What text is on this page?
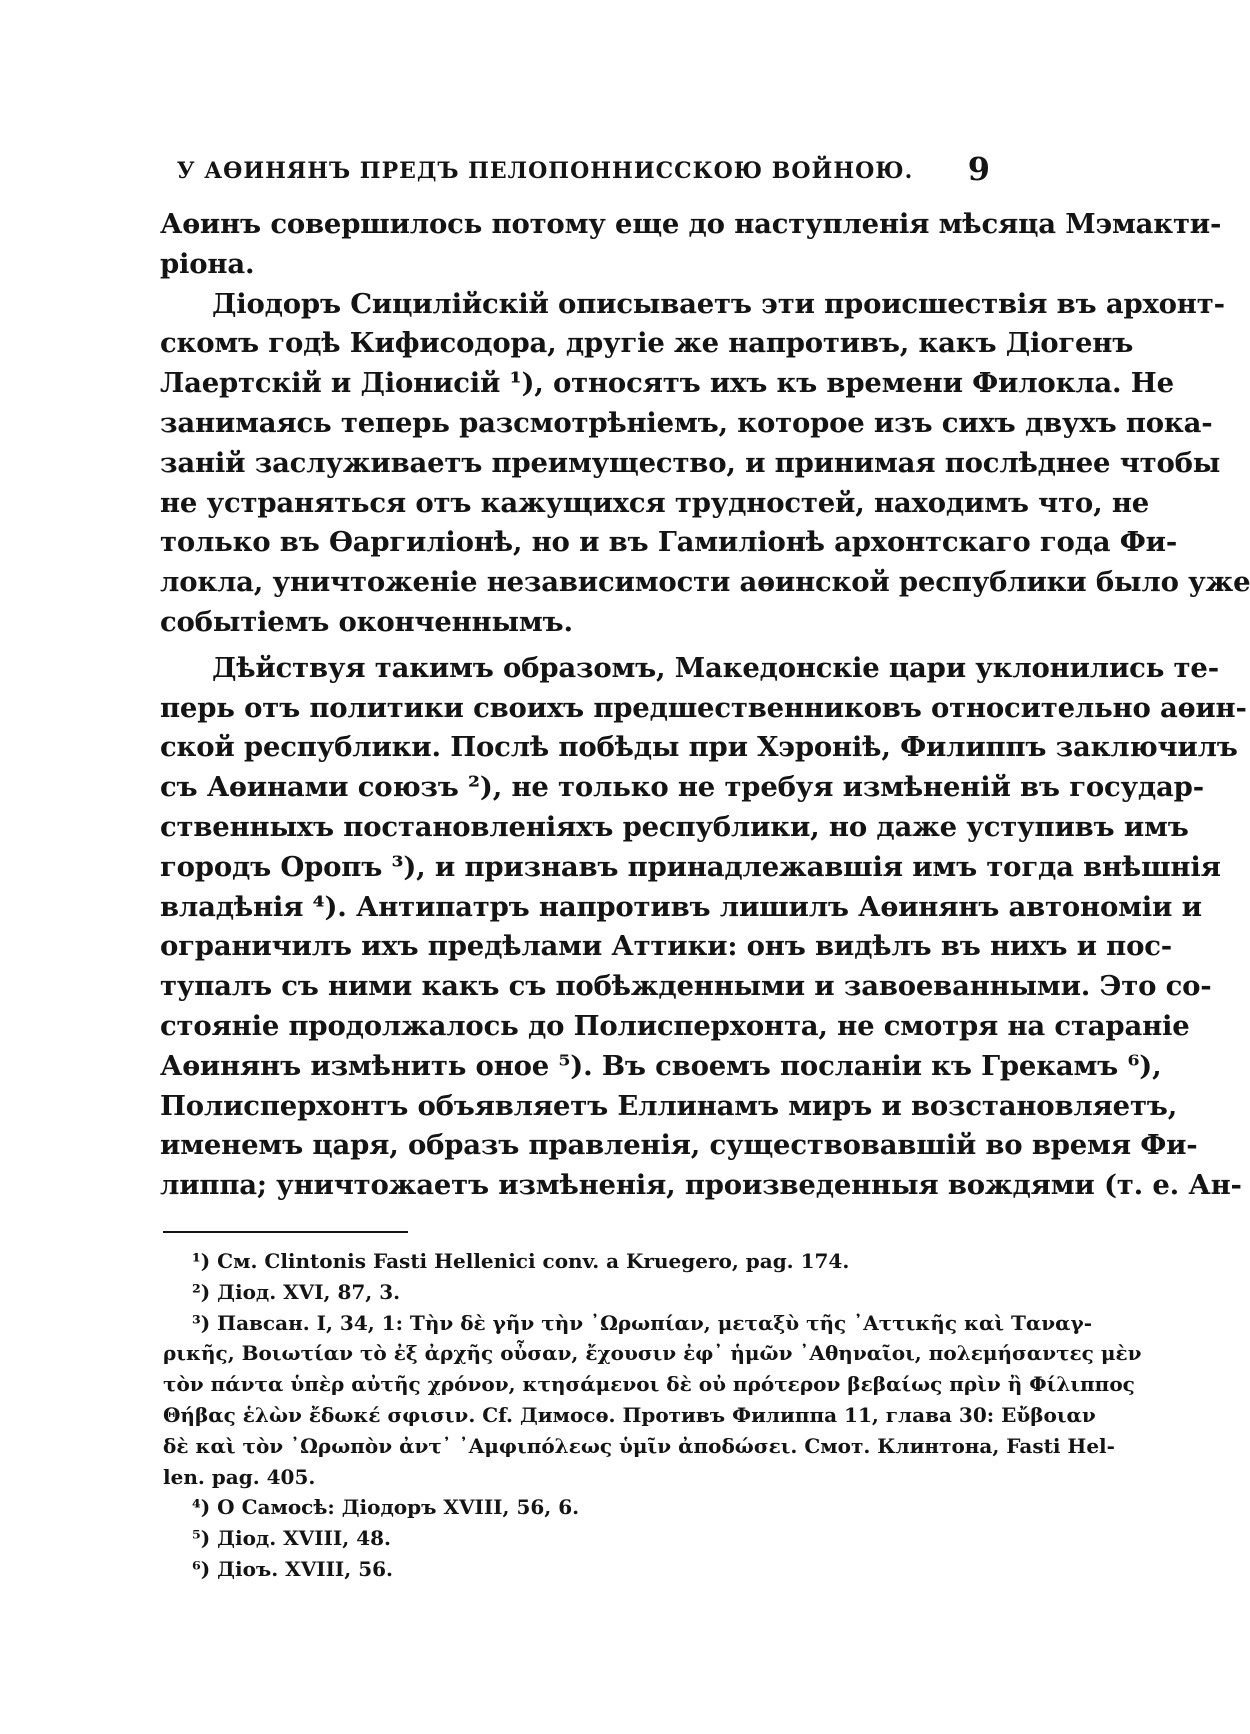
У АӨИНЯНЪ ПРЕДЪ ПЕЛОПОННИССКОЮ ВОЙНОЮ.	9
Аѳинъ совершилось потому еще до наступленія мѣсяца Мэмакти-
ріона.
Діодоръ Сицилійскій описываетъ эти происшествія въ архонт-
скомъ годѣ Кифисодора, другіе же напротивъ, какъ Діогенъ
Лаертскій и Діонисій ¹), относятъ ихъ къ времени Филокла. Не
занимаясь теперь разсмотрѣніемъ, которое изъ сихъ двухъ пока-
заній заслуживаетъ преимущество, и принимая послѣднее чтобы
не устраняться отъ кажущихся трудностей, находимъ что, не
только въ Ѳаргиліонѣ, но и въ Гамиліонѣ архонтскаго года Фи-
локла, уничтоженіе независимости аѳинской республики было уже
событіемъ оконченнымъ.
Дѣйствуя такимъ образомъ, Македонскіе цари уклонились те-
перь отъ политики своихъ предшественниковъ относительно аѳин-
ской республики. Послѣ побѣды при Хэронiѣ, Филиппъ заключилъ
съ Аѳинами союзъ ²), не только не требуя измѣненій въ государ-
ственныхъ постановленіяхъ республики, но даже уступивъ имъ
городъ Оропъ ³), и признавъ принадлежавшія имъ тогда внѣшнія
владѣнія ⁴). Антипатръ напротивъ лишилъ Аѳинянъ автономіи и
ограничилъ ихъ предѣлами Аттики: онъ видѣлъ въ нихъ и пос-
тупалъ съ ними какъ съ побѣжденными и завоеванными. Это со-
стояніе продолжалось до Полисперхонта, не смотря на стараніе
Аѳинянъ измѣнить оное ⁵). Въ своемъ посланіи къ Грекамъ ⁶),
Полисперхонтъ объявляетъ Еллинамъ миръ и возстановляетъ,
именемъ царя, образъ правленія, существовавшій во время Фи-
липпа; уничтожаетъ измѣненія, произведенныя вождями (т. е. Ан-
¹) См. Clintonis Fasti Hellenici conv. a Kruegero, pag. 174.
²) Діод. XVI, 87, 3.
³) Павсан. I, 34, 1: Τὴν δὲ γῆν τὴν ᾿Ωρωπίαν, μεταξὺ τῆς ᾿Αττικῆς καὶ Ταναγ-
ρικῆς, Βοιωτίαν τὸ ἐξ ἀρχῆς οὖσαν, ἔχουσιν ἐφ᾿ ἡμῶν ᾿Αθηναῖοι, πολεμήσαντες μὲν
τὸν πάντα ὑπὲρ αὐτῆς χρόνον, κτησάμενοι δὲ οὐ πρότερον βεβαίως πρὶν ἢ Φίλιππος
Θήβας ἑλὼν ἔδωκέ σφισιν. Cf. Димосѳ. Противъ Филиппа 11, глава 30: Εὔβοιαν
δὲ καὶ τὸν ᾿Ωρωπὸν ἀντ᾿ ᾿Αμφιπόλεως ὑμῖν ἀποδώσει. Смот. Клинтона, Fasti Hel-
len. pag. 405.
⁴) О Самосѣ: Діодоръ XVIII, 56, 6.
⁵) Діод. XVIII, 48.
⁶) Діоъ. XVIII, 56.
